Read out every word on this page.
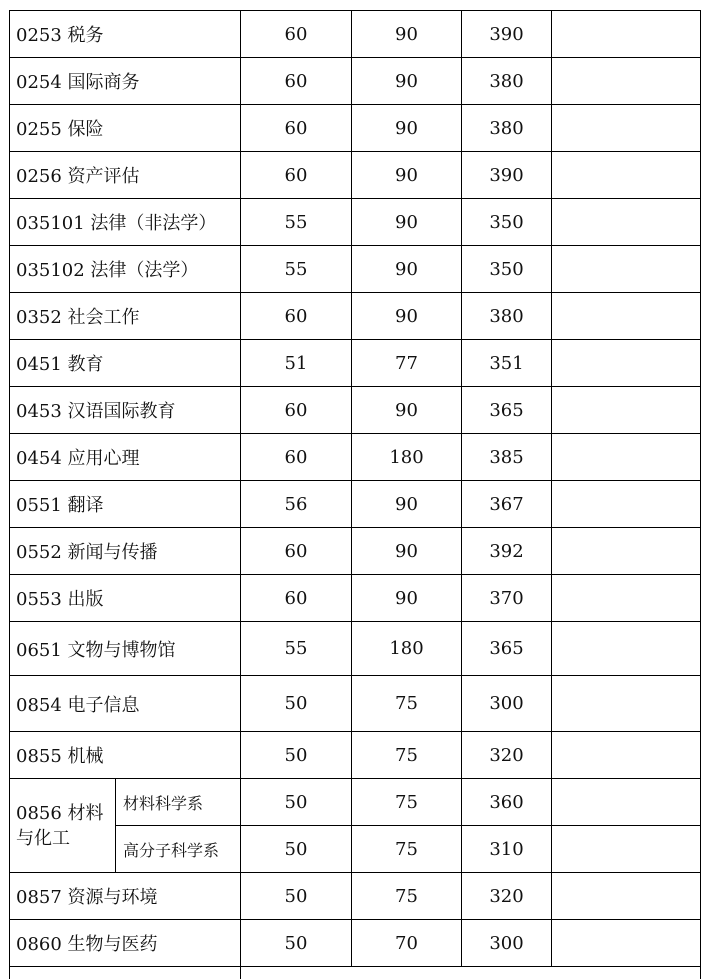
0253 税务		60	90	390	
0254 国际商务		60	90	380	
0255 保险		60	90	380	
0256 资产评估		60	90	390	
035101 法律（非法学）		55	90	350	
035102 法律（法学）		55	90	350	
0352 社会工作		60	90	380	
0451 教育		51	77	351	
0453 汉语国际教育		60	90	365	
0454 应用心理		60	180	385	
0551 翻译		56	90	367	
0552 新闻与传播		60	90	392	
0553 出版		60	90	370	
0651 文物与博物馆		55	180	365	
0854 电子信息		50	75	300	
0855 机械		50	75	320	
0856 材料与化工	材料科学系	50	75	360	
	高分子科学系	50	75	310	
0857 资源与环境		50	75	320	
0860 生物与医药		50	70	300	
